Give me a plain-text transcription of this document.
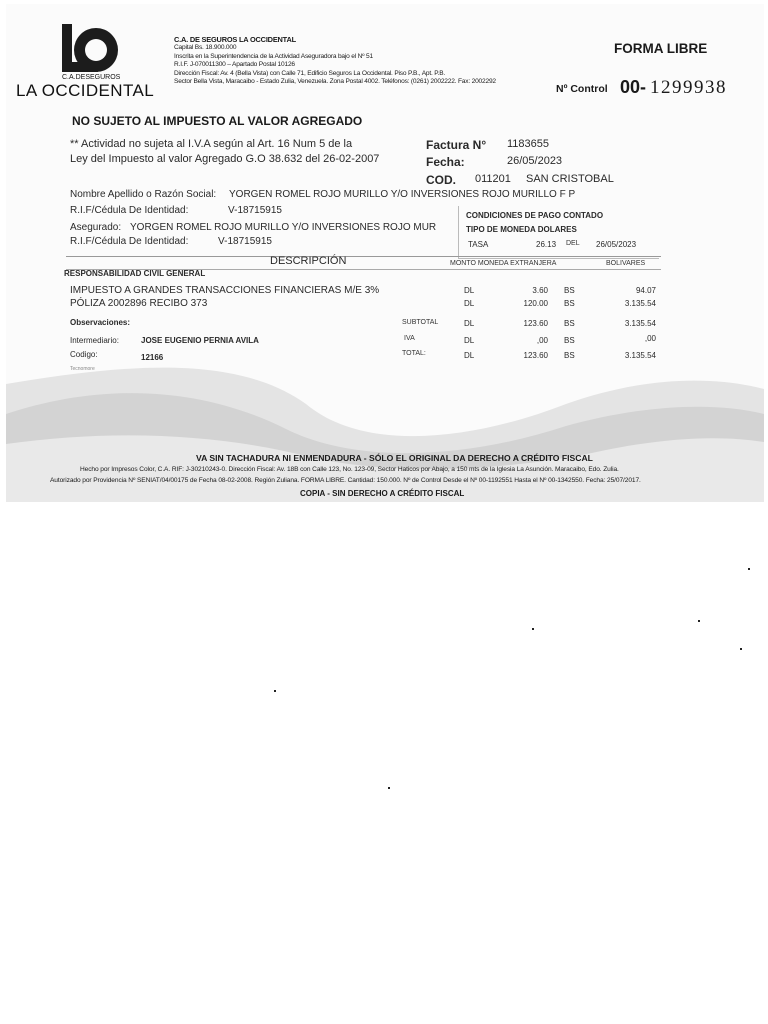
C.A.DESEGUROS
LA OCCIDENTAL
C.A. DE SEGUROS LA OCCIDENTAL
Capital Bs. 18.900.000
Inscrita en la Superintendencia de la Actividad Aseguradora bajo el Nº 51
R.I.F. J-070011300 – Apartado Postal 10126
Dirección Fiscal: Av. 4 (Bella Vista) con Calle 71, Edificio Seguros La Occidental. Piso P.B., Apt. P.B.
Sector Bella Vista, Maracaibo - Estado Zulia, Venezuela. Zona Postal 4002. Teléfonos: (0261) 2002222. Fax: 2002292
FORMA LIBRE
Nº Control 00- 1299938
NO SUJETO AL IMPUESTO AL VALOR AGREGADO
** Actividad no sujeta al I.V.A según al Art. 16 Num 5 de la
Ley del Impuesto al valor Agregado G.O 38.632 del 26-02-2007
Factura N° 1183655
Fecha:	26/05/2023
COD. 011201 SAN CRISTOBAL
Nombre Apellido o Razón Social: YORGEN ROMEL ROJO MURILLO Y/O INVERSIONES ROJO MURILLO F P
R.I.F/Cédula De Identidad:	V-18715915
Asegurado: YORGEN ROMEL ROJO MURILLO Y/O INVERSIONES ROJO MUR
R.I.F/Cédula De Identidad:	V-18715915
CONDICIONES DE PAGO CONTADO
TIPO DE MONEDA DOLARES
TASA	26.13 DEL 26/05/2023
DESCRIPCIÓN	MONTO MONEDA EXTRANJERA	BOLIVARES
RESPONSABILIDAD CIVIL GENERAL
IMPUESTO A GRANDES TRANSACCIONES FINANCIERAS M/E 3%	DL	3.60 BS	94.07
PÓLIZA 2002896 RECIBO 373	DL	120.00 BS	3.135.54
Observaciones:	SUBTOTAL	DL	123.60 BS	3.135.54
Intermediario:	JOSE EUGENIO PERNIA AVILA	IVA	DL	,00 BS	,00
Codigo:	12166	TOTAL:	DL	123.60 BS	3.135.54
Tecnomore
VA SIN TACHADURA NI ENMENDADURA - SÓLO EL ORIGINAL DA DERECHO A CRÉDITO FISCAL
Hecho por Impresos Color, C.A. RIF: J-30210243-0. Dirección Fiscal: Av. 18B con Calle 123, No. 123-09, Sector Haticos por Abajo, a 150 mts de la Iglesia La Asunción. Maracaibo, Edo. Zulia.
Autorizado por Providencia Nº SENIAT/04/00175 de Fecha 08-02-2008. Región Zuliana. FORMA LIBRE. Cantidad: 150.000. Nº de Control Desde el Nº 00-1192551 Hasta el Nº 00-1342550. Fecha: 25/07/2017.
COPIA - SIN DERECHO A CRÉDITO FISCAL
